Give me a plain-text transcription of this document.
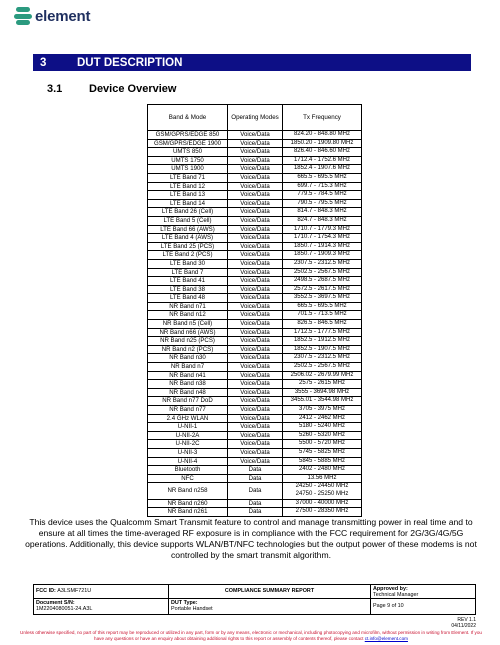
element
3	DUT DESCRIPTION
3.1	Device Overview
Band & Mode	Operating Modes	Tx Frequency
GSM/GPRS/EDGE 850	Voice/Data	824.20 - 848.80 MHz

GSM/GPRS/EDGE 1900	Voice/Data	1850.20 - 1909.80 MHz

UMTS 850	Voice/Data	826.40 - 846.60 MHz

UMTS 1750	Voice/Data	1712.4 - 1752.6 MHz

UMTS 1900	Voice/Data	1852.4 - 1907.6 MHz

LTE Band 71	Voice/Data	665.5 - 695.5 MHz

LTE Band 12	Voice/Data	699.7 - 715.3 MHz

LTE Band 13	Voice/Data	779.5 - 784.5 MHz

LTE Band 14	Voice/Data	790.5 - 795.5 MHz

LTE Band 26 (Cell)	Voice/Data	814.7 - 848.3 MHz

LTE Band 5 (Cell)	Voice/Data	824.7 - 848.3 MHz

LTE Band 66 (AWS)	Voice/Data	1710.7 - 1779.3 MHz

LTE Band 4 (AWS)	Voice/Data	1710.7 - 1754.3 MHz

LTE Band 25 (PCS)	Voice/Data	1850.7 - 1914.3 MHz

LTE Band 2 (PCS)	Voice/Data	1850.7 - 1909.3 MHz

LTE Band 30	Voice/Data	2307.5 - 2312.5 MHz

LTE Band 7	Voice/Data	2502.5 - 2567.5 MHz

LTE Band 41	Voice/Data	2498.5 - 2687.5 MHz

LTE Band 38	Voice/Data	2572.5 - 2617.5 MHz

LTE Band 48	Voice/Data	3552.5 - 3697.5 MHz

NR Band n71	Voice/Data	665.5 - 695.5 MHz

NR Band n12	Voice/Data	701.5 - 713.5 MHz

NR Band n5 (Cell)	Voice/Data	826.5 - 846.5 MHz

NR Band n66 (AWS)	Voice/Data	1712.5 - 1777.5 MHz

NR Band n25 (PCS)	Voice/Data	1852.5 - 1912.5 MHz

NR Band n2 (PCS)	Voice/Data	1852.5 - 1907.5 MHz

NR Band n30	Voice/Data	2307.5 - 2312.5 MHz

NR Band n7	Voice/Data	2502.5 - 2567.5 MHz

NR Band n41	Voice/Data	2506.02 - 2679.99 MHz

NR Band n38	Voice/Data	2575 - 2615 MHz

NR Band n48	Voice/Data	3555 - 3694.98 MHz

NR Band n77 DoD	Voice/Data	3455.01 - 3544.98 MHz

NR Band n77	Voice/Data	3705 - 3975 MHz

2.4 GHz WLAN	Voice/Data	2412 - 2462 MHz

U-NII-1	Voice/Data	5180 - 5240 MHz

U-NII-2A	Voice/Data	5260 - 5320 MHz

U-NII-2C	Voice/Data	5500 - 5720 MHz

U-NII-3	Voice/Data	5745 - 5825 MHz

U-NII-4	Voice/Data	5845 - 5885 MHz

Bluetooth	Data	2402 - 2480 MHz

NFC	Data	13.56 MHz

NR Band n258	Data	24250 - 24450 MHz
24750 - 25250 MHz

NR Band n260	Data	37000 - 40000 MHz

NR Band n261	Data	27500 - 28350 MHz

This device uses the Qualcomm Smart Transmit feature to control and manage transmitting power in real time and to ensure at all times the time-averaged RF exposure is in compliance with the FCC requirement for 2G/3G/4G/5G operations. Additionally, this device supports WLAN/BT/NFC technologies but the output power of these modems is not controlled by the smart transmit algorithm.

FCC ID:
A3LSMF721U	COMPLIANCE SUMMARY REPORT	Approved by:
Technical Manager
Document S/N:
1M2204080051-24.A3L
DUT Type:
Portable Handset
Page 9 of 10
REV 1.1
04/11/2022
Unless otherwise specified, no part of this report may be reproduced or utilized in any part, form or by any means, electronic or mechanical, including photocopying and microfilm, without permission in writing from Element. If you have any questions or have an enquiry about obtaining additional rights to this report or assembly of contents thereof, please contact ct.info@element.com
